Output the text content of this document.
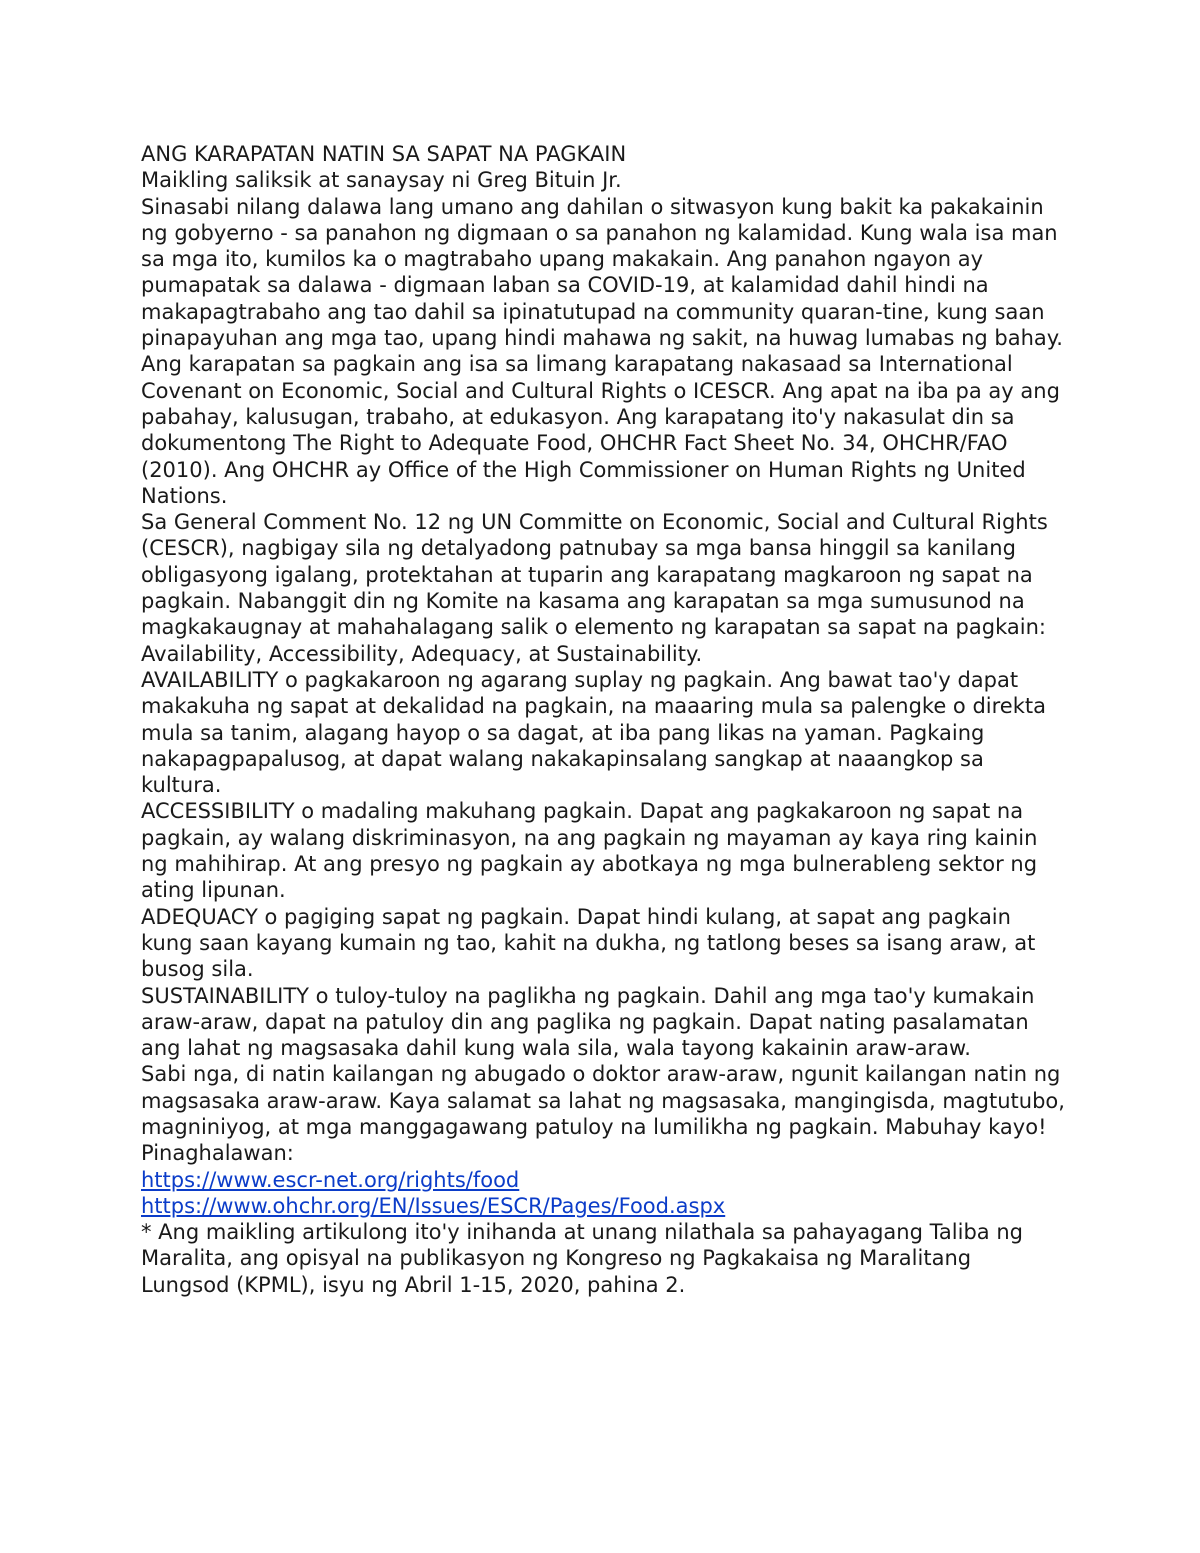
ANG KARAPATAN NATIN SA SAPAT NA PAGKAIN

Maikling saliksik at sanaysay ni Greg Bituin Jr.

Sinasabi nilang dalawa lang umano ang dahilan o sitwasyon kung bakit ka pakakainin ng gobyerno - sa panahon ng digmaan o sa panahon ng kalamidad. Kung wala isa man sa mga ito, kumilos ka o magtrabaho upang makakain. Ang panahon ngayon ay pumapatak sa dalawa - digmaan laban sa COVID-19, at kalamidad dahil hindi na makapagtrabaho ang tao dahil sa ipinatutupad na community quaran-tine, kung saan pinapayuhan ang mga tao, upang hindi mahawa ng sakit, na huwag lumabas ng bahay.

Ang karapatan sa pagkain ang isa sa limang karapatang nakasaad sa International Covenant on Economic, Social and Cultural Rights o ICESCR. Ang apat na iba pa ay ang pabahay, kalusugan, trabaho, at edukasyon. Ang karapatang ito'y nakasulat din sa dokumentong The Right to Adequate Food, OHCHR Fact Sheet No. 34, OHCHR/FAO (2010). Ang OHCHR ay Office of the High Commissioner on Human Rights ng United Nations.

Sa General Comment No. 12 ng UN Committe on Economic, Social and Cultural Rights (CESCR), nagbigay sila ng detalyadong patnubay sa mga bansa hinggil sa kanilang obligasyong igalang, protektahan at tuparin ang karapatang magkaroon ng sapat na pagkain. Nabanggit din ng Komite na kasama ang karapatan sa mga sumusunod na magkakaugnay at mahahalagang salik o elemento ng karapatan sa sapat na pagkain: Availability, Accessibility, Adequacy, at Sustainability.

AVAILABILITY o pagkakaroon ng agarang suplay ng pagkain. Ang bawat tao'y dapat makakuha ng sapat at dekalidad na pagkain, na maaaring mula sa palengke o direkta mula sa tanim, alagang hayop o sa dagat, at iba pang likas na yaman. Pagkaing nakapagpapalusog, at dapat walang nakakapinsalang sangkap at naaangkop sa kultura.

ACCESSIBILITY o madaling makuhang pagkain. Dapat ang pagkakaroon ng sapat na pagkain, ay walang diskriminasyon, na ang pagkain ng mayaman ay kaya ring kainin ng mahihirap. At ang presyo ng pagkain ay abotkaya ng mga bulnerableng sektor ng ating lipunan.

ADEQUACY o pagiging sapat ng pagkain. Dapat hindi kulang, at sapat ang pagkain kung saan kayang kumain ng tao, kahit na dukha, ng tatlong beses sa isang araw, at busog sila.

SUSTAINABILITY o tuloy-tuloy na paglikha ng pagkain. Dahil ang mga tao'y kumakain araw-araw, dapat na patuloy din ang paglika ng pagkain. Dapat nating pasalamatan ang lahat ng magsasaka dahil kung wala sila, wala tayong kakainin araw-araw.

Sabi nga, di natin kailangan ng abugado o doktor araw-araw, ngunit kailangan natin ng magsasaka araw-araw. Kaya salamat sa lahat ng magsasaka, mangingisda, magtutubo, magniniyog, at mga manggagawang patuloy na lumilikha ng pagkain. Mabuhay kayo!

Pinaghalawan:

https://www.escr-net.org/rights/food
https://www.ohchr.org/EN/Issues/ESCR/Pages/Food.aspx

* Ang maikling artikulong ito'y inihanda at unang nilathala sa pahayagang Taliba ng Maralita, ang opisyal na publikasyon ng Kongreso ng Pagkakaisa ng Maralitang Lungsod (KPML), isyu ng Abril 1-15, 2020, pahina 2.
